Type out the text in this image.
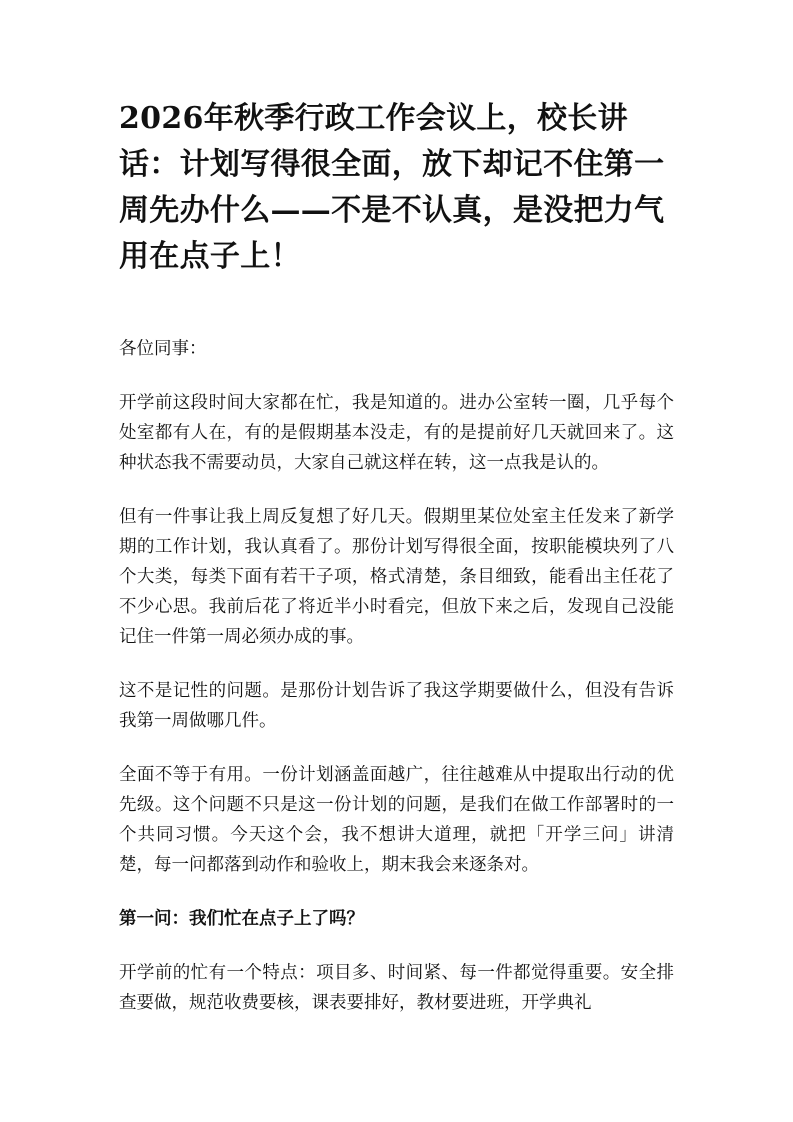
2026年秋季行政工作会议上，校长讲话：计划写得很全面，放下却记不住第一周先办什么——不是不认真，是没把力气用在点子上！

各位同事：

开学前这段时间大家都在忙，我是知道的。进办公室转一圈，几乎每个处室都有人在，有的是假期基本没走，有的是提前好几天就回来了。这种状态我不需要动员，大家自己就这样在转，这一点我是认的。

但有一件事让我上周反复想了好几天。假期里某位处室主任发来了新学期的工作计划，我认真看了。那份计划写得很全面，按职能模块列了八个大类，每类下面有若干子项，格式清楚，条目细致，能看出主任花了不少心思。我前后花了将近半小时看完，但放下来之后，发现自己没能记住一件第一周必须办成的事。

这不是记性的问题。是那份计划告诉了我这学期要做什么，但没有告诉我第一周做哪几件。

全面不等于有用。一份计划涵盖面越广，往往越难从中提取出行动的优先级。这个问题不只是这一份计划的问题，是我们在做工作部署时的一个共同习惯。今天这个会，我不想讲大道理，就把「开学三问」讲清楚，每一问都落到动作和验收上，期末我会来逐条对。

第一问：我们忙在点子上了吗？

开学前的忙有一个特点：项目多、时间紧、每一件都觉得重要。安全排查要做，规范收费要核，课表要排好，教材要进班，开学典礼
